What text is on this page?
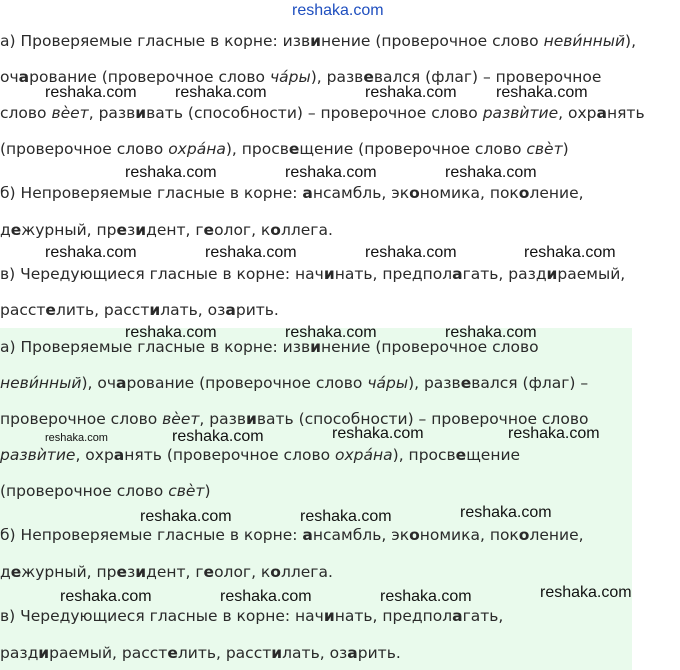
reshaka.com
а) Проверяемые гласные в корне: извинение (проверочное слово неви́нный),
очарование (проверочное слово ча́ры), развевался (флаг) – проверочное
слово вѐет, развивать (способности) – проверочное слово развѝтие, охранять
(проверочное слово охра́на), просвещение (проверочное слово свѐт)
б) Непроверяемые гласные в корне: ансамбль, экономика, поколение,
дежурный, президент, геолог, коллега.
в) Чередующиеся гласные в корне: начинать, предполагать, раздираемый,
расстелить, расстилать, озарить.
а) Проверяемые гласные в корне: извинение (проверочное слово
неви́нный), очарование (проверочное слово ча́ры), развевался (флаг) –
проверочное слово вѐет, развивать (способности) – проверочное слово
развѝтие, охранять (проверочное слово охра́на), просвещение
(проверочное слово свѐт)
б) Непроверяемые гласные в корне: ансамбль, экономика, поколение,
дежурный, президент, геолог, коллега.
в) Чередующиеся гласные в корне: начинать, предполагать,
раздираемый, расстелить, расстилать, озарить.
reshaka.com reshaka.com	reshaka.com reshaka.com
reshaka.com	reshaka.com	reshaka.com
reshaka.com	reshaka.com	reshaka.com	reshaka.com
reshaka.com	reshaka.com	reshaka.com
reshaka.com	reshaka.com	reshaka.com	reshaka.com
reshaka.com	reshaka.com	reshaka.com
reshaka.com	reshaka.com	reshaka.com	reshaka.com
